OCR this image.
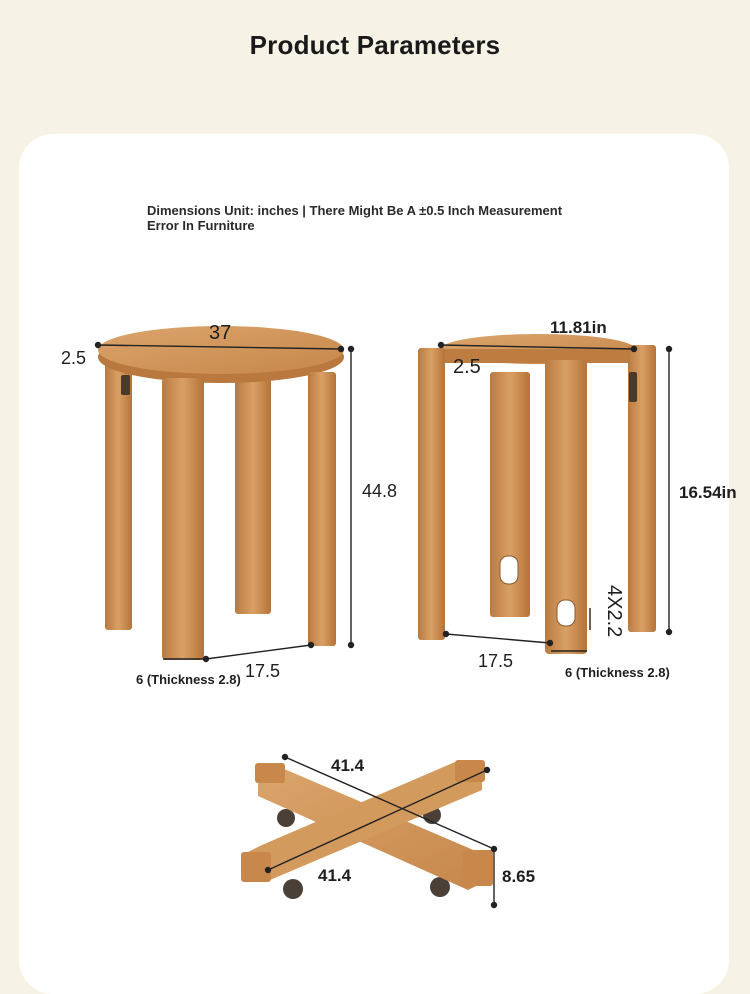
Product Parameters
Dimensions Unit: inches | There Might Be A ±0.5 Inch Measurement Error In Furniture
37
2.5
44.8
17.5
6 (Thickness 2.8)
11.81in
2.5
16.54in
17.5
4X2.2
6 (Thickness 2.8)
41.4
41.4	8.65
